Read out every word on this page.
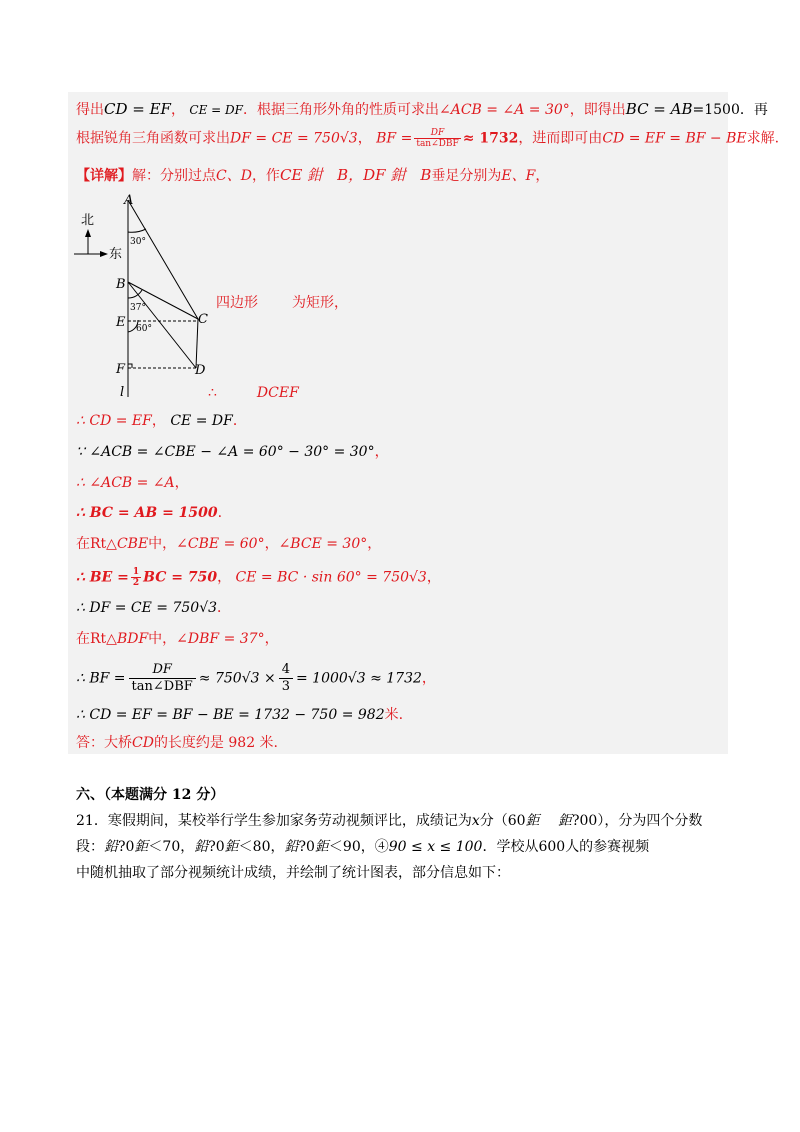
得出CD = EF， CE = DF．根据三角形外角的性质可求出∠ACB = ∠A = 30°，即得出BC = AB=1500．再
根据锐角三角函数可求出DF = CE = 750√3， BF = $\frac{DF}{\text{tan∠DBF}} \approx 1732$，进而即可由CD = EF = BF − BE求解.
【详解】解：分别过点C、D，作CE 鉗　B，DF 鉗　B垂足分别为E、F，
北
东
A
B
C
D
E
F
l
30°
37°
60°
四边形 为矩形，
∴	DCEF
∴ CD = EF， CE = DF．
∵ ∠ACB = ∠CBE − ∠A = 60° − 30° = 30°，
∴ ∠ACB = ∠A，
∴ BC = AB = 1500.
在Rt△CBE中，∠CBE = 60°，∠BCE = 30°，
∴ BE = $\frac{1}{2}$ BC = 750， CE = BC · sin 60° = 750√3，
∴ DF = CE = 750√3．
在Rt△BDF中，∠DBF = 37°，
∴ BF = $\frac{DF}{\text{tan∠DBF}} \approx 750√3 \times \frac{4}{3} = 1000√3 \approx 1732$，
∴ CD = EF = BF − BE = 1732 − 750 = 982米.
答：大桥CD的长度约是 982 米.
六、（本题满分 12 分）
21．寒假期间，某校举行学生参加家务劳动视频评比，成绩记为x分（60鉅　 鉅?00），分为四个分数
段：鉛?0鉅＜70，鉛?0鉅＜80，鉛?0鉅＜90，④90 ≤ x ≤ 100．学校从600人的参赛视频
中随机抽取了部分视频统计成绩，并绘制了统计图表，部分信息如下：
